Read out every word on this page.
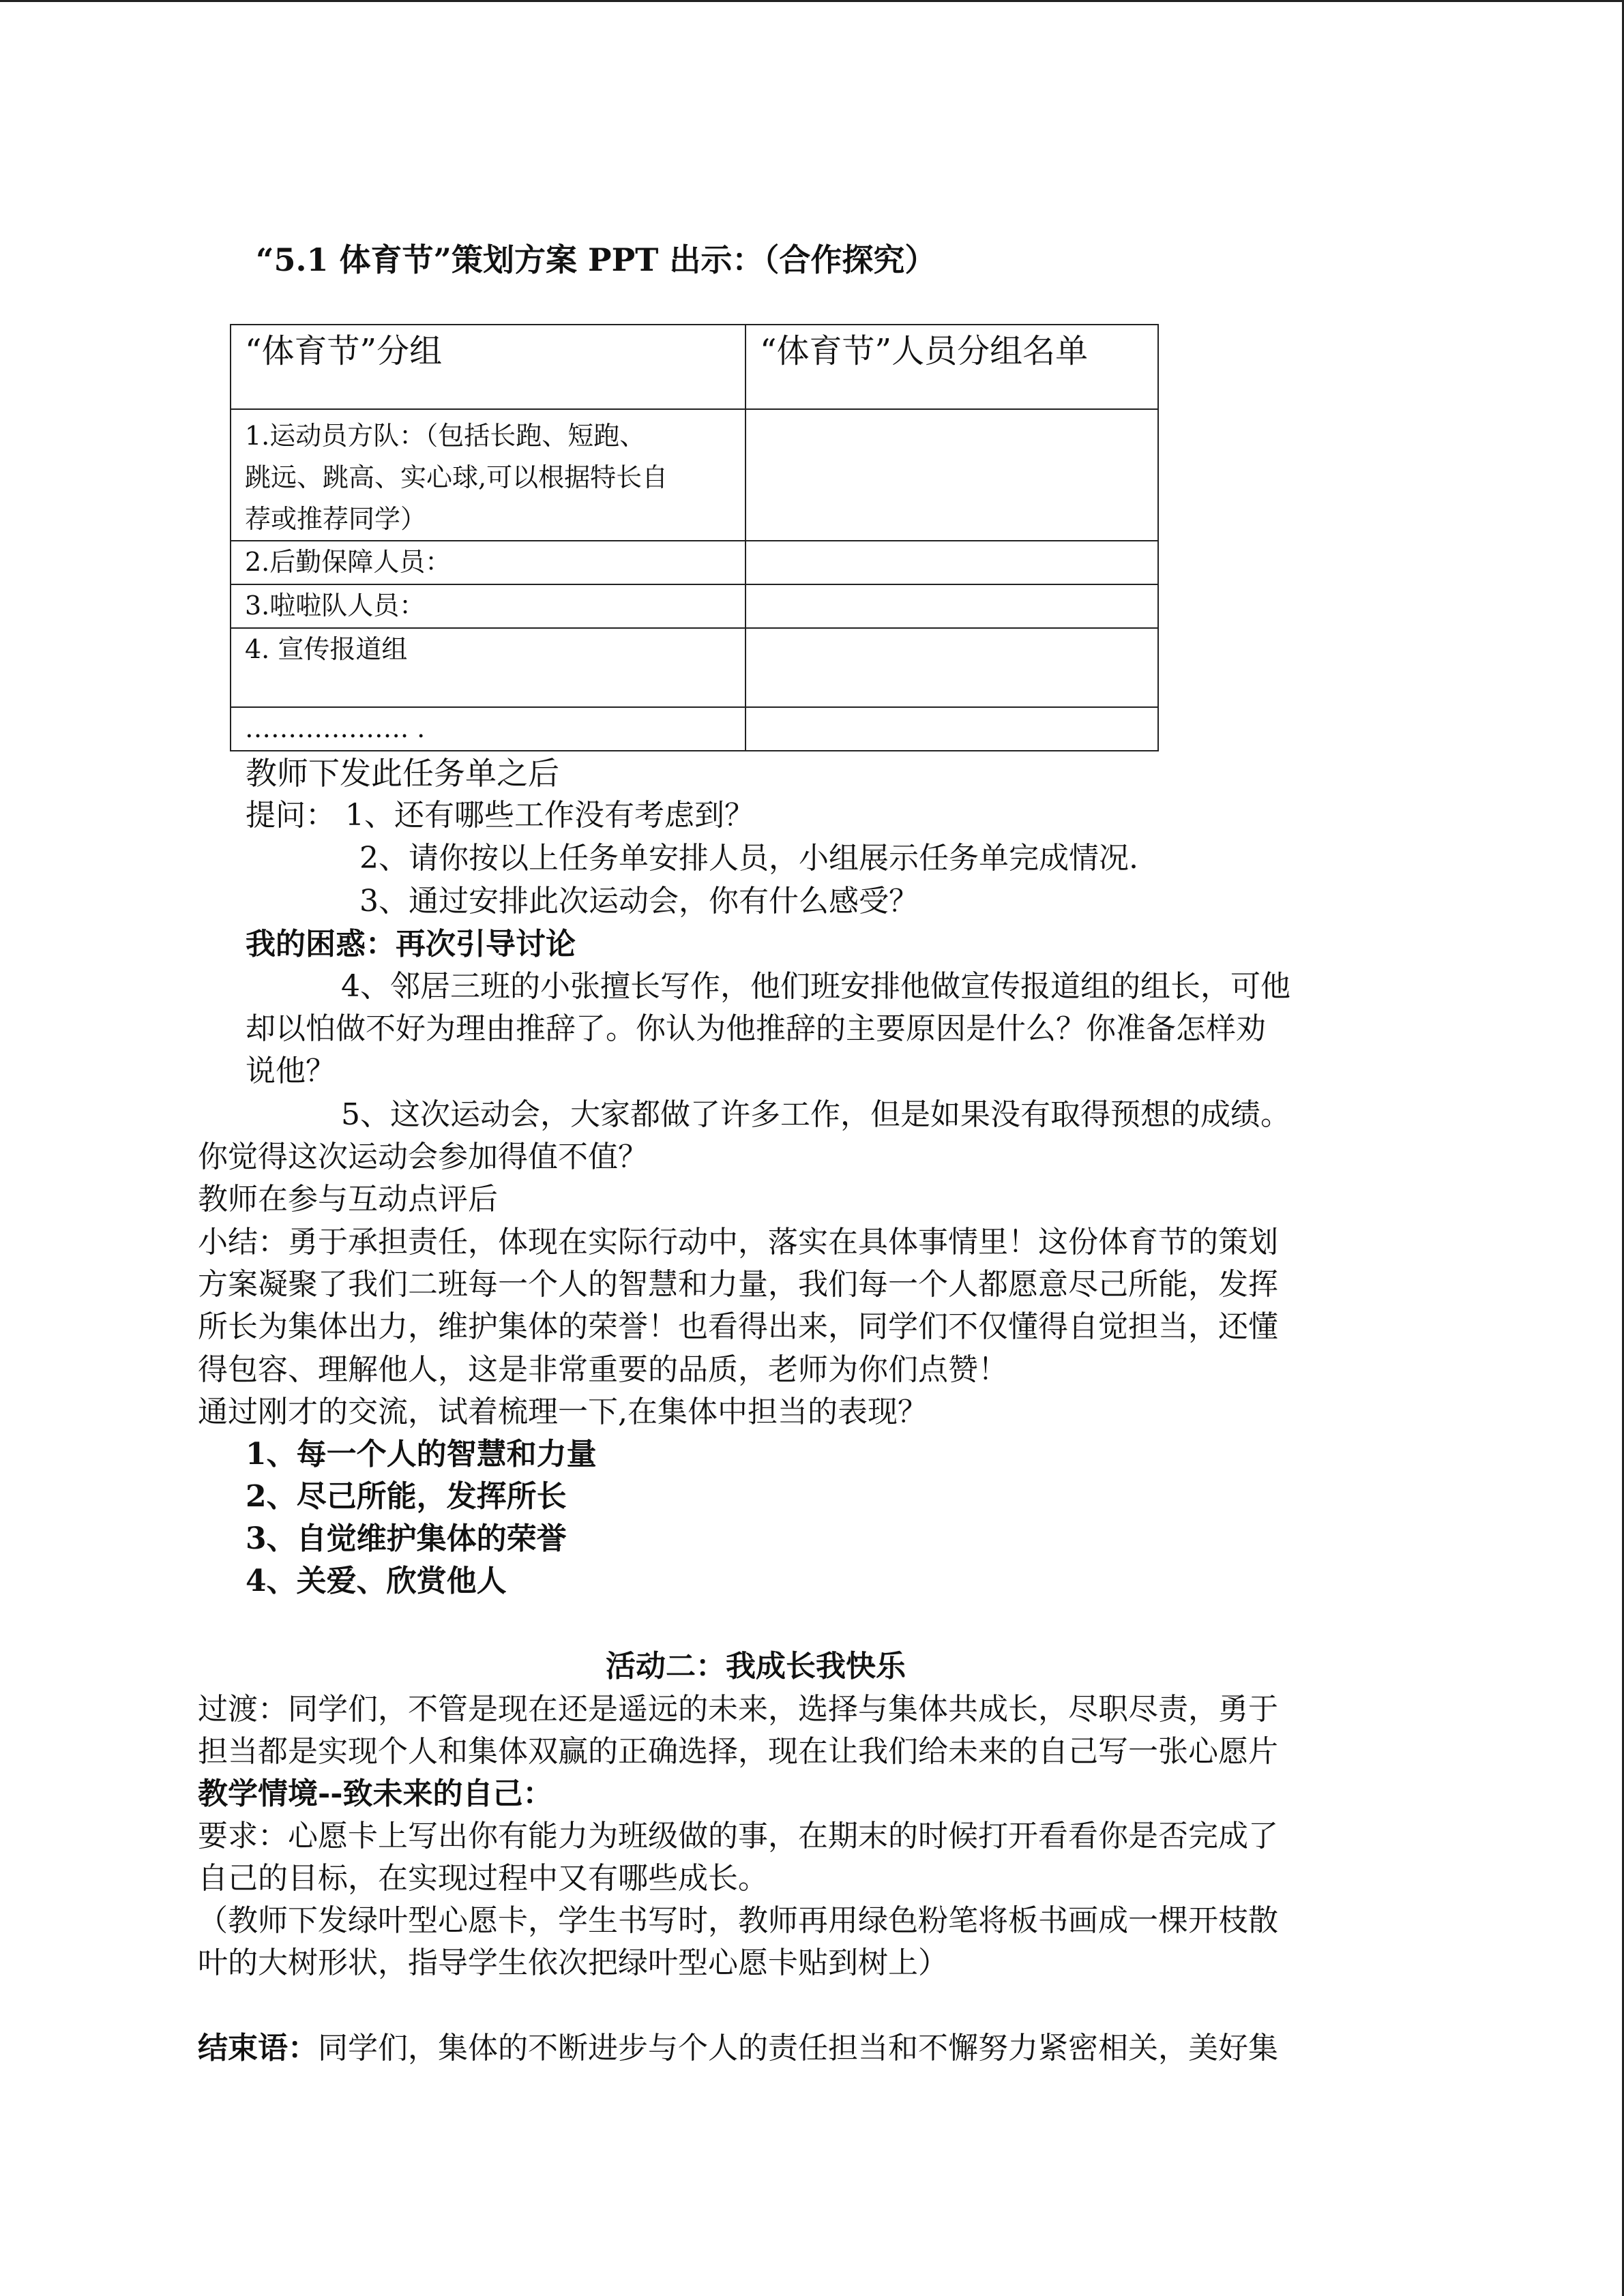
“5.1 体育节”策划方案 PPT 出示：（合作探究）
“体育节”分组	“体育节”人员分组名单

1.运动员方队：（包括长跑、短跑、
跳远、跳高、实心球,可以根据特长自
荐或推荐同学）	

2.后勤保障人员：	

3.啦啦队人员：	

4. 宣传报道组	

………………. .	

教师下发此任务单之后
提问： 1、还有哪些工作没有考虑到？
2、请你按以上任务单安排人员，小组展示任务单完成情况.
3、通过安排此次运动会，你有什么感受？
我的困惑：再次引导讨论
4、邻居三班的小张擅长写作，他们班安排他做宣传报道组的组长，可他
却以怕做不好为理由推辞了。你认为他推辞的主要原因是什么？你准备怎样劝
说他？
5、这次运动会，大家都做了许多工作，但是如果没有取得预想的成绩。
你觉得这次运动会参加得值不值？
教师在参与互动点评后
小结：勇于承担责任，体现在实际行动中，落实在具体事情里！这份体育节的策划
方案凝聚了我们二班每一个人的智慧和力量，我们每一个人都愿意尽己所能，发挥
所长为集体出力，维护集体的荣誉！也看得出来，同学们不仅懂得自觉担当，还懂
得包容、理解他人，这是非常重要的品质，老师为你们点赞！
通过刚才的交流，试着梳理一下,在集体中担当的表现？
1、每一个人的智慧和力量
2、尽己所能，发挥所长
3、自觉维护集体的荣誉
4、关爱、欣赏他人
活动二：我成长我快乐
过渡：同学们，不管是现在还是遥远的未来，选择与集体共成长，尽职尽责，勇于
担当都是实现个人和集体双赢的正确选择，现在让我们给未来的自己写一张心愿片
教学情境--致未来的自己：
要求：心愿卡上写出你有能力为班级做的事，在期末的时候打开看看你是否完成了
自己的目标，在实现过程中又有哪些成长。
（教师下发绿叶型心愿卡，学生书写时，教师再用绿色粉笔将板书画成一棵开枝散
叶的大树形状，指导学生依次把绿叶型心愿卡贴到树上）
结束语：同学们，集体的不断进步与个人的责任担当和不懈努力紧密相关，美好集
